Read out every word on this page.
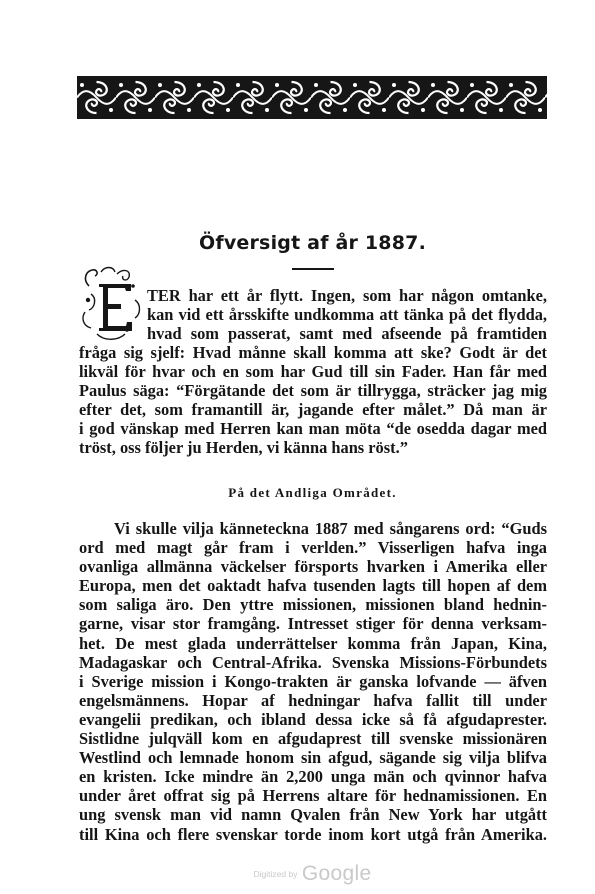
Öfversigt af år 1887.
TER har ett år flytt. Ingen, som har någon omtanke,
kan vid ett årsskifte undkomma att tänka på det flydda,
hvad som passerat, samt med afseende på framtiden
fråga sig sjelf: Hvad månne skall komma att ske? Godt är det
likväl för hvar och en som har Gud till sin Fader. Han får med
Paulus säga: “Förgätande det som är tillrygga, sträcker jag mig
efter det, som framantill är, jagande efter målet.” Då man är
i god vänskap med Herren kan man möta “de osedda dagar med
tröst, oss följer ju Herden, vi känna hans röst.”
På det Andliga Området.
Vi skulle vilja känneteckna 1887 med sångarens ord: “Guds
ord med magt går fram i verlden.” Visserligen hafva inga
ovanliga allmänna väckelser försports hvarken i Amerika eller
Europa, men det oaktadt hafva tusenden lagts till hopen af dem
som saliga äro. Den yttre missionen, missionen bland hednin-
garne, visar stor framgång. Intresset stiger för denna verksam-
het. De mest glada underrättelser komma från Japan, Kina,
Madagaskar och Central-Afrika. Svenska Missions-Förbundets
i Sverige mission i Kongo-trakten är ganska lofvande — äfven
engelsmännens. Hopar af hedningar hafva fallit till under
evangelii predikan, och ibland dessa icke så få afgudaprester.
Sistlidne julqväll kom en afgudaprest till svenske missionären
Westlind och lemnade honom sin afgud, sägande sig vilja blifva
en kristen. Icke mindre än 2,200 unga män och qvinnor hafva
under året offrat sig på Herrens altare för hednamissionen. En
ung svensk man vid namn Qvalen från New York har utgått
till Kina och flere svenskar torde inom kort utgå från Amerika.
Digitized by Google
